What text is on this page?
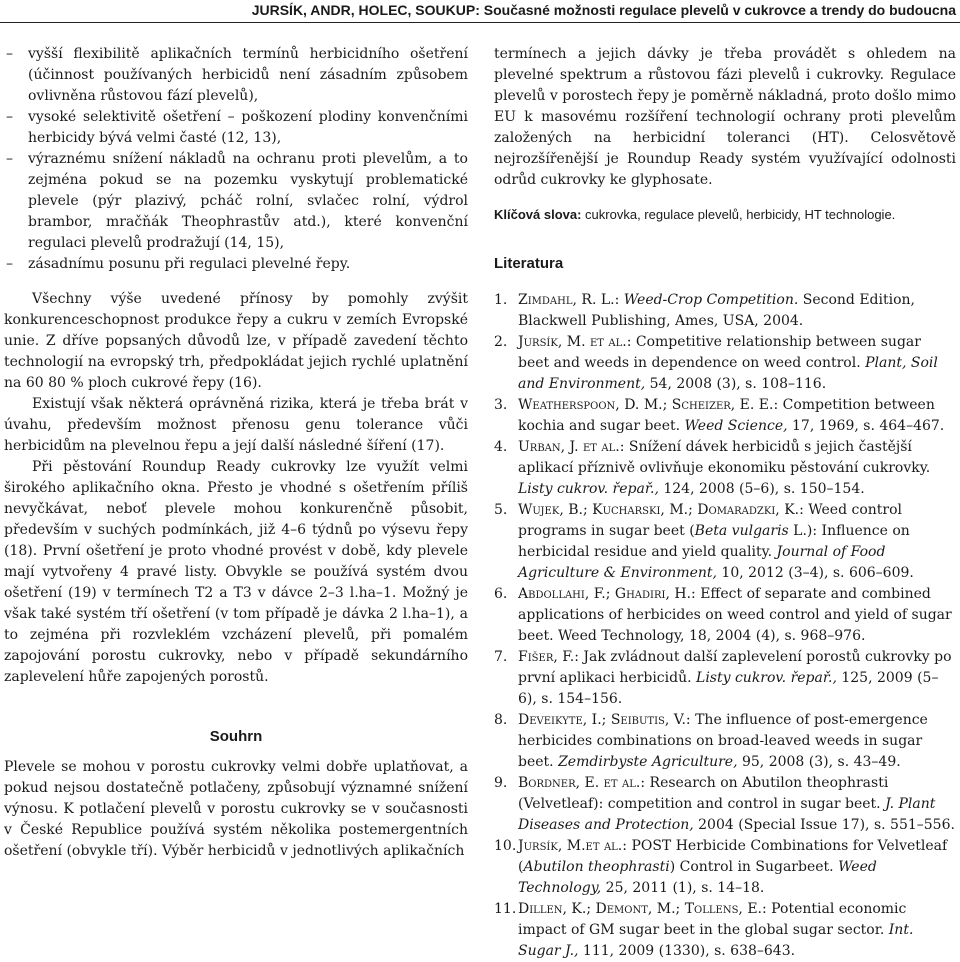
JURSÍK, ANDR, HOLEC, SOUKUP: Současné možnosti regulace plevelů v cukrovce a trendy do budoucna
– vyšší flexibilitě aplikačních termínů herbicidního ošetření (účinnost používaných herbicidů není zásadním způsobem ovlivněna růstovou fází plevelů),
– vysoké selektivitě ošetření – poškození plodiny konvenčními herbicidy bývá velmi časté (12, 13),
– výraznému snížení nákladů na ochranu proti plevelům, a to zejména pokud se na pozemku vyskytují problematické plevele (pýr plazivý, pcháč rolní, svlačec rolní, výdrol brambor, mračňák Theophrastův atd.), které konvenční regulaci plevelů prodražují (14, 15),
– zásadnímu posunu při regulaci plevelné řepy.

Všechny výše uvedené přínosy by pomohly zvýšit konkurenceschopnost produkce řepy a cukru v zemích Evropské unie. Z dříve popsaných důvodů lze, v případě zavedení těchto technologií na evropský trh, předpokládat jejich rychlé uplatnění na 60 80 % ploch cukrové řepy (16).

Existují však některá oprávněná rizika, která je třeba brát v úvahu, především možnost přenosu genu tolerance vůči herbicidům na plevelnou řepu a její další následné šíření (17).

Při pěstování Roundup Ready cukrovky lze využít velmi širokého aplikačního okna. Přesto je vhodné s ošetřením příliš nevyčkávat, neboť plevele mohou konkurenčně působit, především v suchých podmínkách, již 4–6 týdnů po výsevu řepy (18). První ošetření je proto vhodné provést v době, kdy plevele mají vytvořeny 4 pravé listy. Obvykle se používá systém dvou ošetření (19) v termínech T2 a T3 v dávce 2–3 l.ha–1. Možný je však také systém tří ošetření (v tom případě je dávka 2 l.ha–1), a to zejména při rozvleklém vzcházení plevelů, při pomalém zapojování porostu cukrovky, nebo v případě sekundárního zaplevelení hůře zapojených porostů.

Souhrn

Plevele se mohou v porostu cukrovky velmi dobře uplatňovat, a pokud nejsou dostatečně potlačeny, způsobují významné snížení výnosu. K potlačení plevelů v porostu cukrovky se v současnosti v České Republice používá systém několika postemergentních ošetření (obvykle tří). Výběr herbicidů v jednotlivých aplikačních

termínech a jejich dávky je třeba provádět s ohledem na plevelné spektrum a růstovou fázi plevelů i cukrovky. Regulace plevelů v porostech řepy je poměrně nákladná, proto došlo mimo EU k masovému rozšíření technologií ochrany proti plevelům založených na herbicidní toleranci (HT). Celosvětově nejrozšířenější je Roundup Ready systém využívající odolnosti odrůd cukrovky ke glyphosate.

Klíčová slova: cukrovka, regulace plevelů, herbicidy, HT technologie.

Literatura
1. Zimdahl, R. L.: Weed-Crop Competition. Second Edition, Blackwell Publishing, Ames, USA, 2004.
2. Jursík, M. et al.: Competitive relationship between sugar beet and weeds in dependence on weed control. Plant, Soil and Environment, 54, 2008 (3), s. 108–116.
3. Weatherspoon, D. M.; Scheizer, E. E.: Competition between kochia and sugar beet. Weed Science, 17, 1969, s. 464–467.
4. Urban, J. et al.: Snížení dávek herbicidů s jejich častější aplikací příznivě ovlivňuje ekonomiku pěstování cukrovky. Listy cukrov. řepař., 124, 2008 (5–6), s. 150–154.
5. Wujek, B.; Kucharski, M.; Domaradzki, K.: Weed control programs in sugar beet (Beta vulgaris L.): Influence on herbicidal residue and yield quality. Journal of Food Agriculture & Environment, 10, 2012 (3–4), s. 606–609.
6. Abdollahi, F.; Ghadiri, H.: Effect of separate and combined applications of herbicides on weed control and yield of sugar beet. Weed Technology, 18, 2004 (4), s. 968–976.
7. Fišer, F.: Jak zvládnout další zaplevelení porostů cukrovky po první aplikaci herbicidů. Listy cukrov. řepař., 125, 2009 (5–6), s. 154–156.
8. Deveikyte, I.; Seibutis, V.: The influence of post-emergence herbicides combinations on broad-leaved weeds in sugar beet. Zemdirbyste Agriculture, 95, 2008 (3), s. 43–49.
9. Bordner, E. et al.: Research on Abutilon theophrasti (Velvetleaf): competition and control in sugar beet. J. Plant Diseases and Protection, 2004 (Special Issue 17), s. 551–556.
10. Jursík, M.et al.: POST Herbicide Combinations for Velvetleaf (Abutilon theophrasti) Control in Sugarbeet. Weed Technology, 25, 2011 (1), s. 14–18.
11. Dillen, K.; Demont, M.; Tollens, E.: Potential economic impact of GM sugar beet in the global sugar sector. Int. Sugar J., 111, 2009 (1330), s. 638–643.
